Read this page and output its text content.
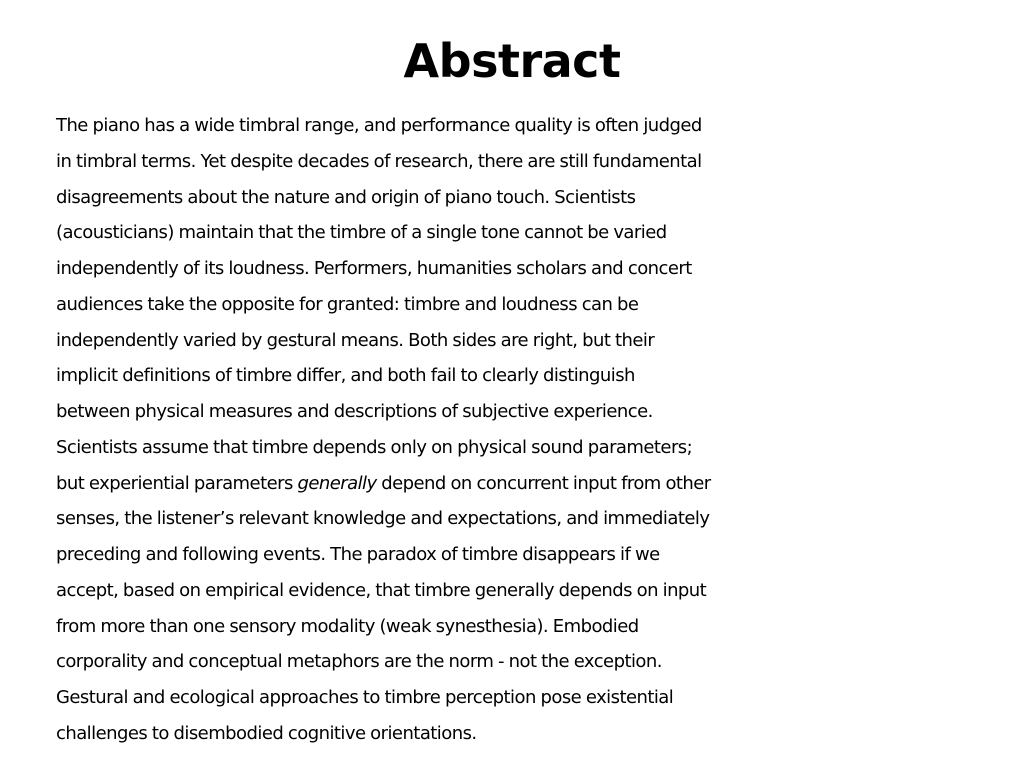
Abstract
The piano has a wide timbral range, and performance quality is often judged
in timbral terms. Yet despite decades of research, there are still fundamental
disagreements about the nature and origin of piano touch. Scientists
(acousticians) maintain that the timbre of a single tone cannot be varied
independently of its loudness. Performers, humanities scholars and concert
audiences take the opposite for granted: timbre and loudness can be
independently varied by gestural means. Both sides are right, but their
implicit definitions of timbre differ, and both fail to clearly distinguish
between physical measures and descriptions of subjective experience.
Scientists assume that timbre depends only on physical sound parameters;
but experiential parameters generally depend on concurrent input from other
senses, the listener’s relevant knowledge and expectations, and immediately
preceding and following events. The paradox of timbre disappears if we
accept, based on empirical evidence, that timbre generally depends on input
from more than one sensory modality (weak synesthesia). Embodied
corporality and conceptual metaphors are the norm - not the exception.
Gestural and ecological approaches to timbre perception pose existential
challenges to disembodied cognitive orientations.
